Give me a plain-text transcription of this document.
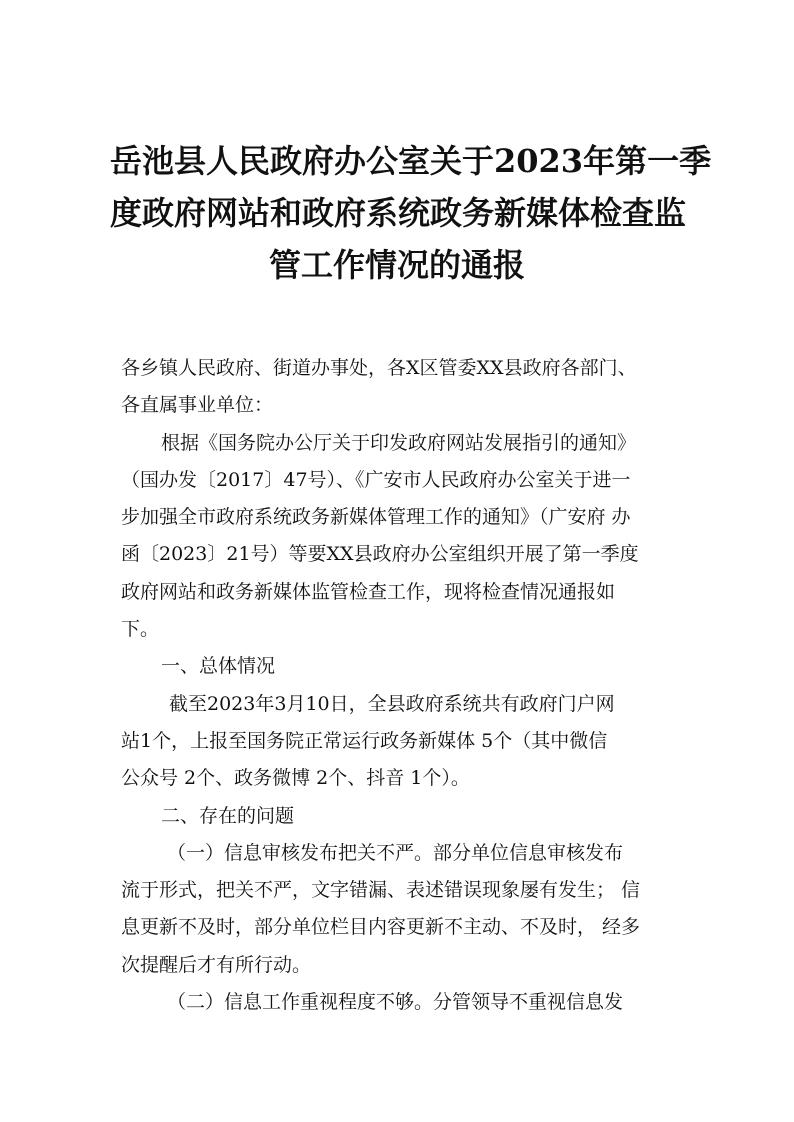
岳池县人民政府办公室关于2023年第一季
度政府网站和政府系统政务新媒体检查监
管工作情况的通报

各乡镇人民政府、街道办事处，各X区管委XX县政府各部门、
各直属事业单位：

根据《国务院办公厅关于印发政府网站发展指引的通知》
（国办发〔2017〕47号）、《广安市人民政府办公室关于进一
步加强全市政府系统政务新媒体管理工作的通知》（广安府 办
函〔2023〕21号）等要XX县政府办公室组织开展了第一季度
政府网站和政务新媒体监管检查工作，现将检查情况通报如
下。

一、总体情况

截至2023年3月10日，全县政府系统共有政府门户网
站1个，上报至国务院正常运行政务新媒体 5个（其中微信
公众号 2个、政务微博 2个、抖音 1个）。

二、存在的问题

（一）信息审核发布把关不严。部分单位信息审核发布
流于形式，把关不严，文字错漏、表述错误现象屡有发生； 信
息更新不及时，部分单位栏目内容更新不主动、不及时， 经多
次提醒后才有所行动。

（二）信息工作重视程度不够。分管领导不重视信息发
